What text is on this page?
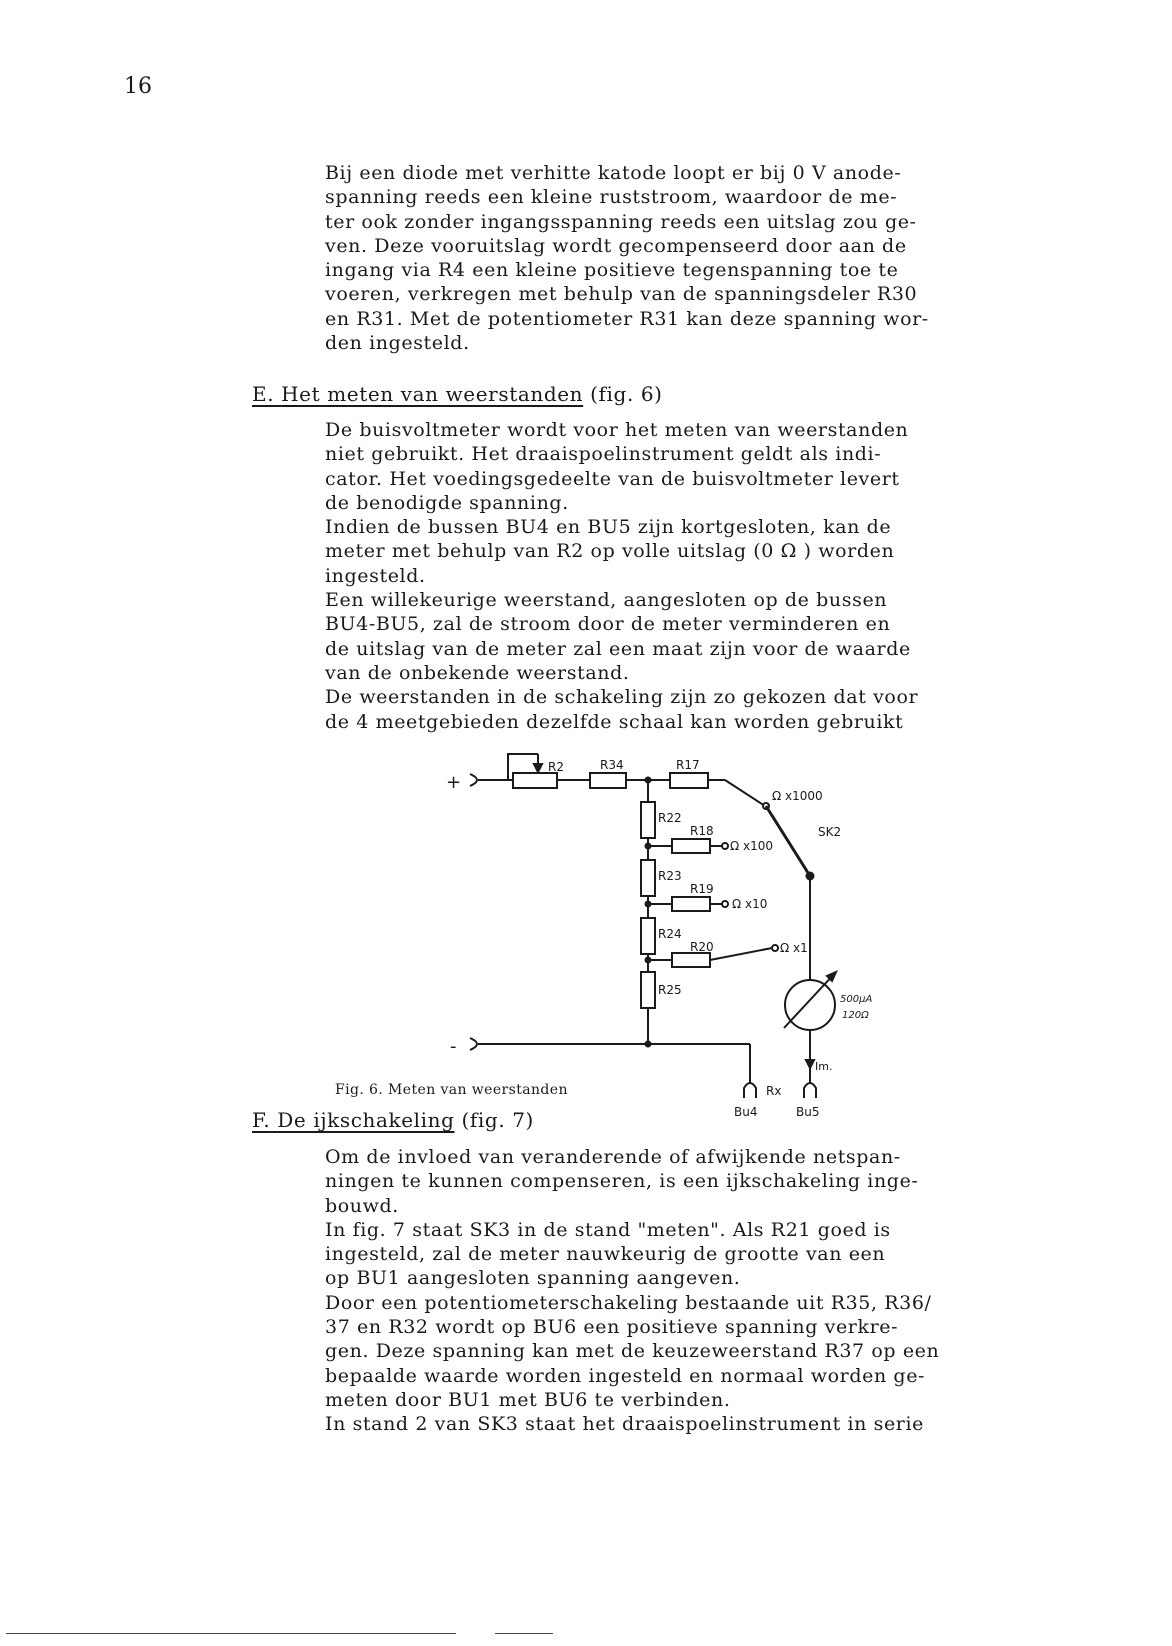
16
Bij een diode met verhitte katode loopt er bij 0 V anode-
spanning reeds een kleine ruststroom, waardoor de me-
ter ook zonder ingangsspanning reeds een uitslag zou ge-
ven. Deze vooruitslag wordt gecompenseerd door aan de
ingang via R4 een kleine positieve tegenspanning toe te
voeren, verkregen met behulp van de spanningsdeler R30
en R31. Met de potentiometer R31 kan deze spanning wor-
den ingesteld.
E. Het meten van weerstanden (fig. 6)
De buisvoltmeter wordt voor het meten van weerstanden
niet gebruikt. Het draaispoelinstrument geldt als indi-
cator. Het voedingsgedeelte van de buisvoltmeter levert
de benodigde spanning.
Indien de bussen BU4 en BU5 zijn kortgesloten, kan de
meter met behulp van R2 op volle uitslag (0 Ω ) worden
ingesteld.
Een willekeurige weerstand, aangesloten op de bussen
BU4-BU5, zal de stroom door de meter verminderen en
de uitslag van de meter zal een maat zijn voor de waarde
van de onbekende weerstand.
De weerstanden in de schakeling zijn zo gekozen dat voor
de 4 meetgebieden dezelfde schaal kan worden gebruikt
+
R2	R34	R17
Ω x1000
R22
R18
Ω x100
R23
R19
Ω x10
R24
R20	Ω x1
R25
SK2
500µA
120Ω
Im.
-
Rx
Bu4	Bu5
Fig. 6. Meten van weerstanden
F. De ijkschakeling (fig. 7)
Om de invloed van veranderende of afwijkende netspan-
ningen te kunnen compenseren, is een ijkschakeling inge-
bouwd.
In fig. 7 staat SK3 in de stand "meten". Als R21 goed is
ingesteld, zal de meter nauwkeurig de grootte van een
op BU1 aangesloten spanning aangeven.
Door een potentiometerschakeling bestaande uit R35, R36/
37 en R32 wordt op BU6 een positieve spanning verkre-
gen. Deze spanning kan met de keuzeweerstand R37 op een
bepaalde waarde worden ingesteld en normaal worden ge-
meten door BU1 met BU6 te verbinden.
In stand 2 van SK3 staat het draaispoelinstrument in serie
